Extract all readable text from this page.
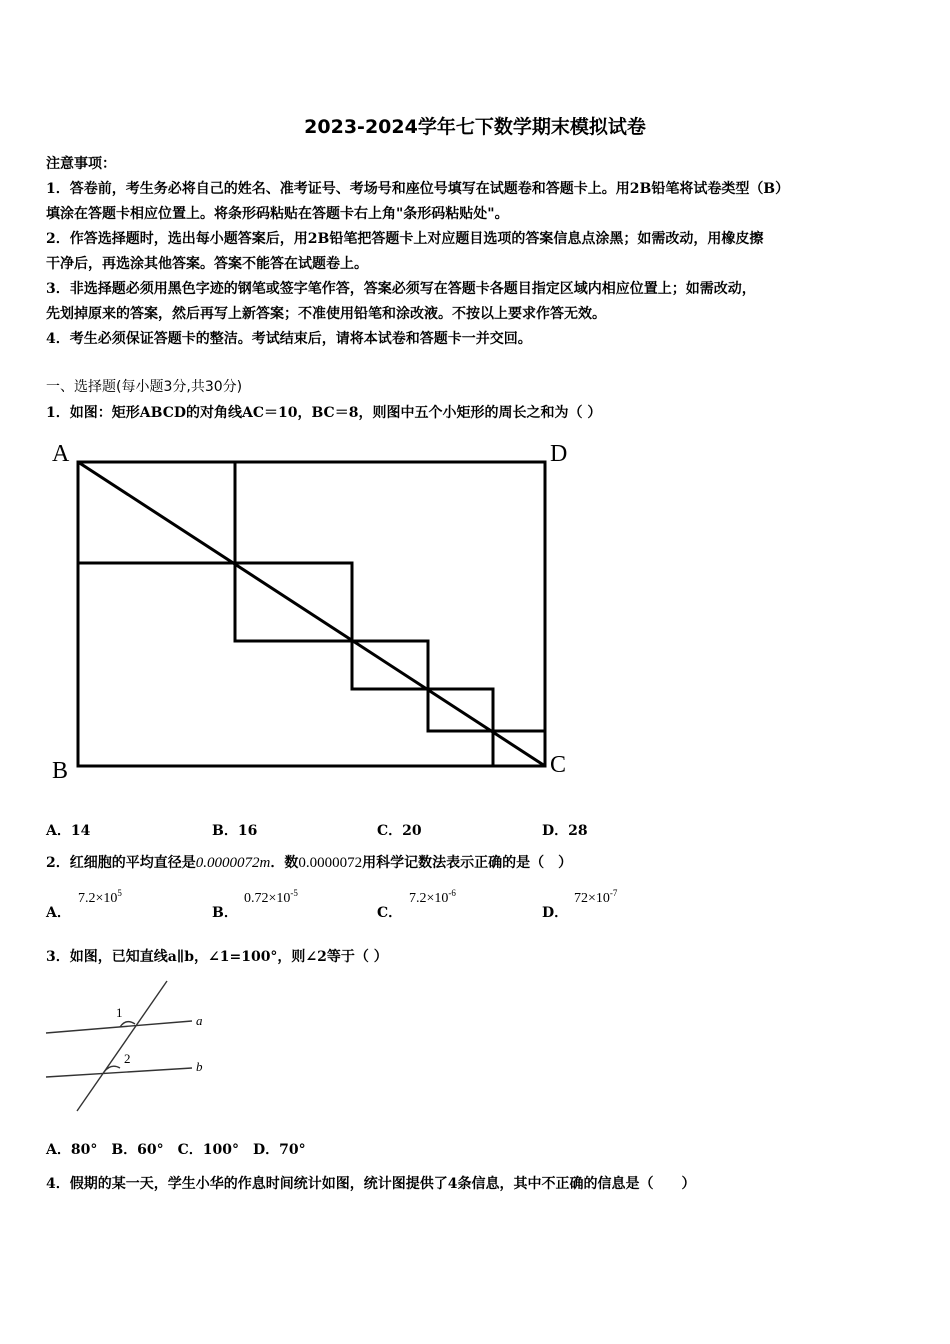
2023-2024学年七下数学期末模拟试卷
注意事项：
1．答卷前，考生务必将自己的姓名、准考证号、考场号和座位号填写在试题卷和答题卡上。用2B铅笔将试卷类型（B）
填涂在答题卡相应位置上。将条形码粘贴在答题卡右上角"条形码粘贴处"。
2．作答选择题时，选出每小题答案后，用2B铅笔把答题卡上对应题目选项的答案信息点涂黑；如需改动，用橡皮擦
干净后，再选涂其他答案。答案不能答在试题卷上。
3．非选择题必须用黑色字迹的钢笔或签字笔作答，答案必须写在答题卡各题目指定区域内相应位置上；如需改动，
先划掉原来的答案，然后再写上新答案；不准使用铅笔和涂改液。不按以上要求作答无效。
4．考生必须保证答题卡的整洁。考试结束后，请将本试卷和答题卡一并交回。
一、选择题(每小题3分,共30分)
1．如图：矩形ABCD的对角线AC＝10，BC＝8，则图中五个小矩形的周长之和为（ ）
A	D
B	C
A．14	B．16	C．20	D．28
2．红细胞的平均直径是0.0000072m．数0.0000072用科学记数法表示正确的是（　）
A．
$7.2\times 10^5$
B．
$0.72\times 10^{-5}$
C．
$7.2\times 10^{-6}$
D．
$72\times 10^{-7}$
3．如图，已知直线a∥b，∠1=100°，则∠2等于（ ）
1
2
a
b
A．80°　B．60°　C．100°　D．70°
4．假期的某一天，学生小华的作息时间统计如图，统计图提供了4条信息，其中不正确的信息是（　　）
